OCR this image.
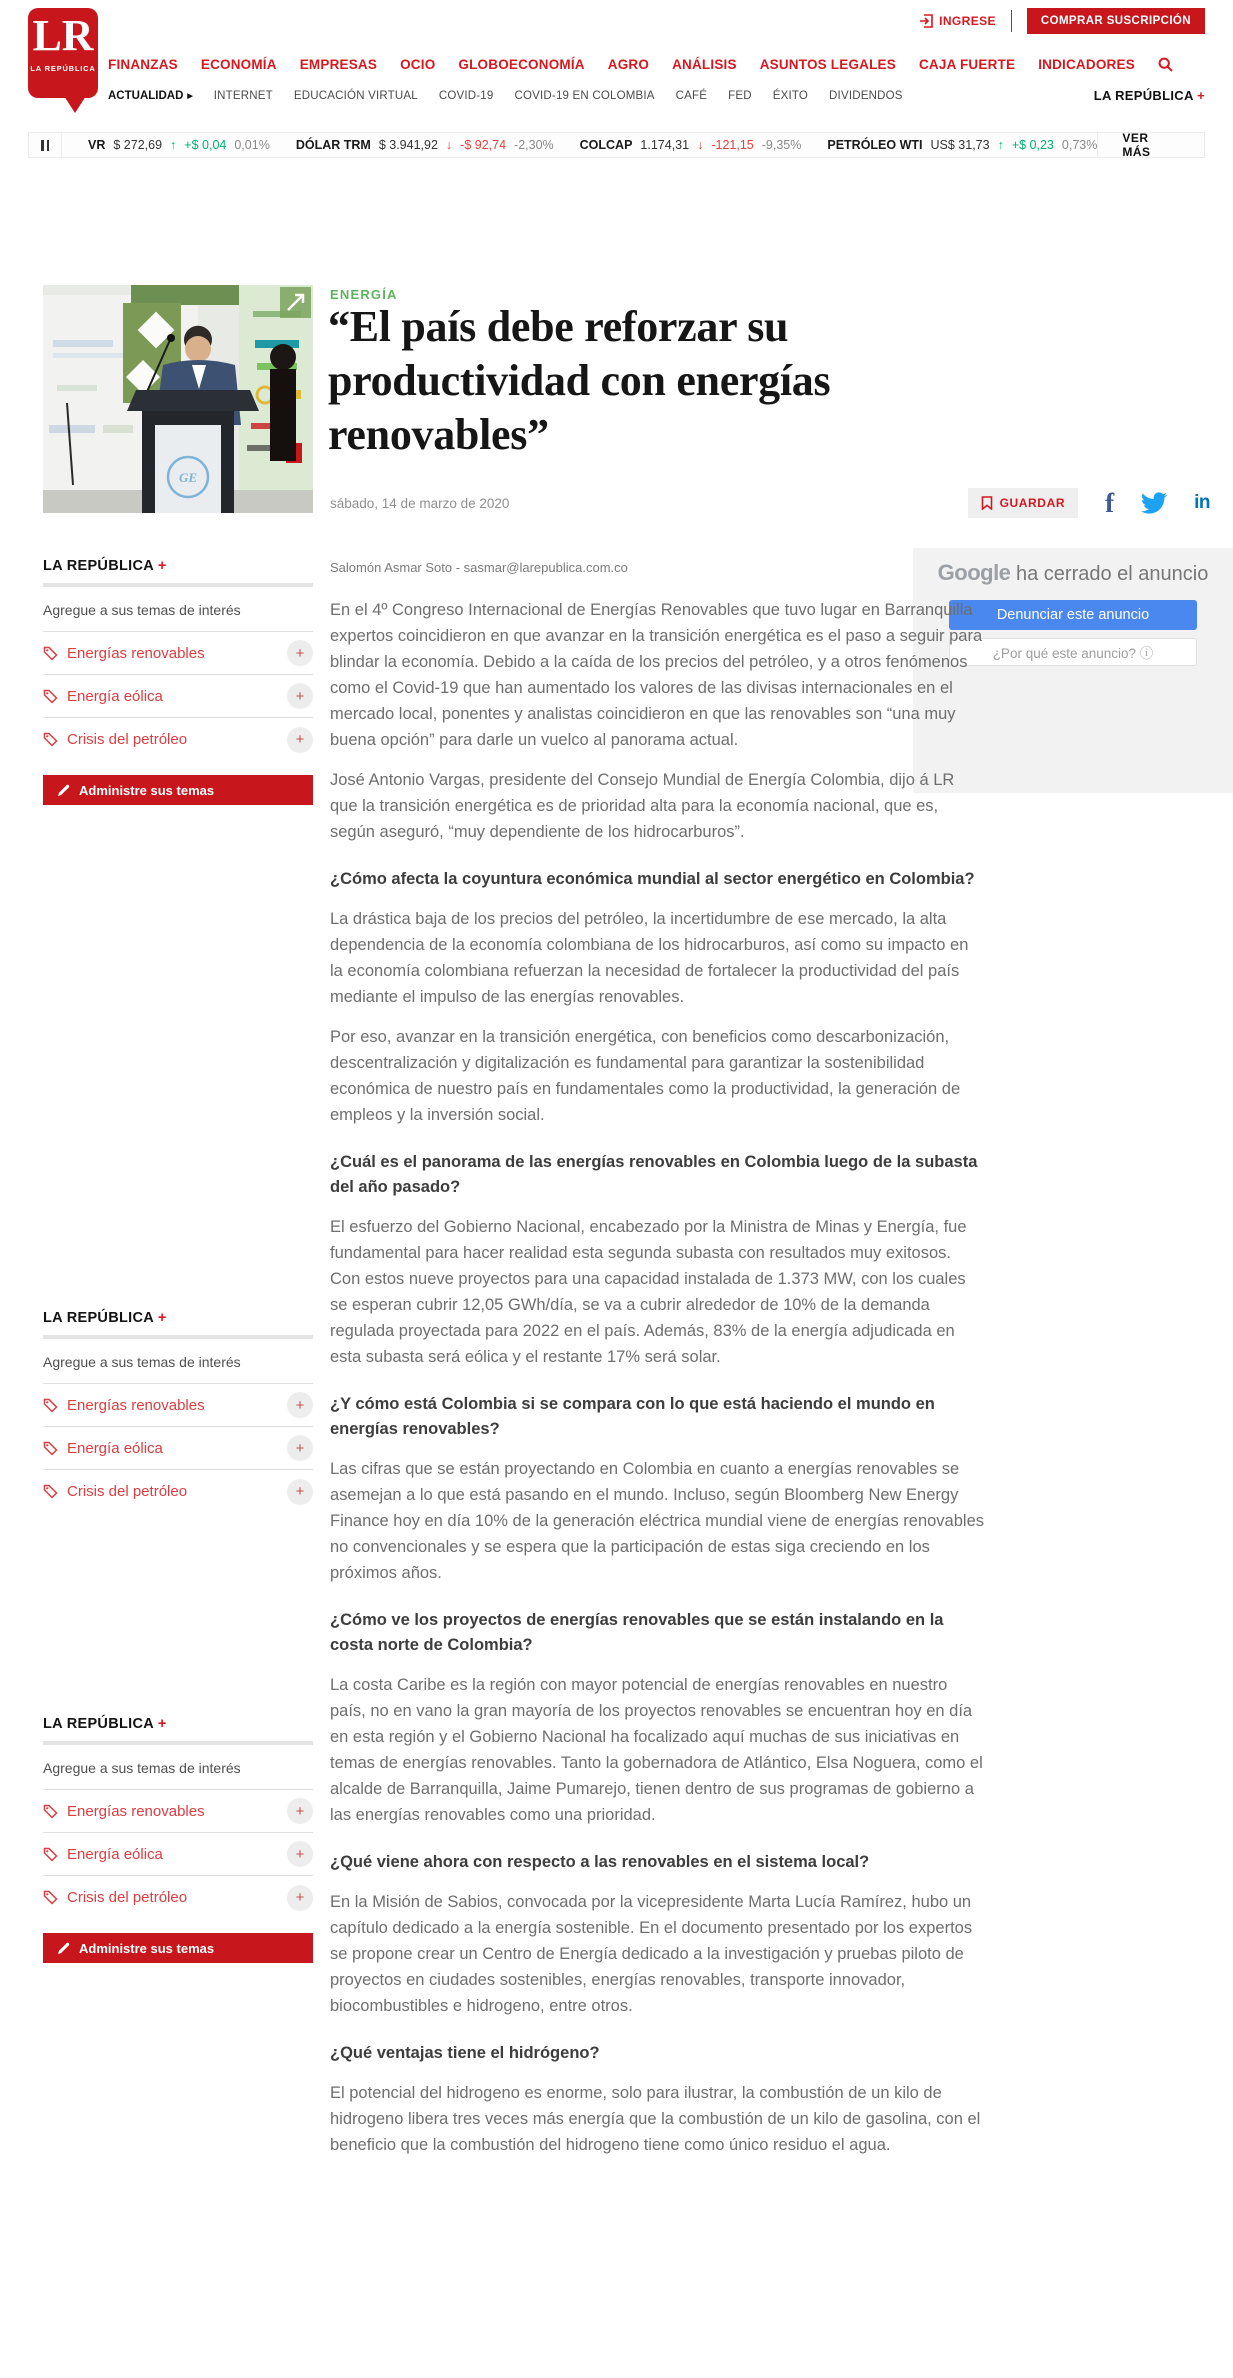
LR
LA REPÚBLICA
INGRESE	COMPRAR SUSCRIPCIÓN
FINANZAS ECONOMÍA EMPRESAS OCIO GLOBOECONOMÍA AGRO ANÁLISIS ASUNTOS LEGALES CAJA FUERTE INDICADORES
ACTUALIDAD ▶ INTERNET EDUCACIÓN VIRTUAL COVID-19 COVID-19 EN COLOMBIA CAFÉ FED ÉXITO DIVIDENDOS	LA REPÚBLICA +
VR $ 272,69 ↑ +$ 0,04 0,01% DÓLAR TRM $ 3.941,92 ↓ -$ 92,74 -2,30% COLCAP 1.174,31 ↓ -121,15 -9,35% PETRÓLEO WTI US$ 31,73 ↑ +$ 0,23 0,73%	VER MÁS
GE
ENERGÍA
“El país debe reforzar su productividad con energías renovables”
sábado, 14 de marzo de 2020	GUARDAR f	in
Google ha cerrado el anuncio
Denunciar este anuncio
¿Por qué este anuncio? ⓘ
Salomón Asmar Soto - sasmar@larepublica.com.co

En el 4º Congreso Internacional de Energías Renovables que tuvo lugar en Barranquilla expertos coincidieron en que avanzar en la transición energética es el paso a seguir para blindar la economía. Debido a la caída de los precios del petróleo, y a otros fenómenos como el Covid-19 que han aumentado los valores de las divisas internacionales en el mercado local, ponentes y analistas coincidieron en que las renovables son “una muy buena opción” para darle un vuelco al panorama actual.

José Antonio Vargas, presidente del Consejo Mundial de Energía Colombia, dijo á LR que la transición energética es de prioridad alta para la economía nacional, que es, según aseguró, “muy dependiente de los hidrocarburos”.

¿Cómo afecta la coyuntura económica mundial al sector energético en Colombia?

La drástica baja de los precios del petróleo, la incertidumbre de ese mercado, la alta dependencia de la economía colombiana de los hidrocarburos, así como su impacto en la economía colombiana refuerzan la necesidad de fortalecer la productividad del país mediante el impulso de las energías renovables.

Por eso, avanzar en la transición energética, con beneficios como descarbonización, descentralización y digitalización es fundamental para garantizar la sostenibilidad económica de nuestro país en fundamentales como la productividad, la generación de empleos y la inversión social.

¿Cuál es el panorama de las energías renovables en Colombia luego de la subasta del año pasado?

El esfuerzo del Gobierno Nacional, encabezado por la Ministra de Minas y Energía, fue fundamental para hacer realidad esta segunda subasta con resultados muy exitosos. Con estos nueve proyectos para una capacidad instalada de 1.373 MW, con los cuales se esperan cubrir 12,05 GWh/día, se va a cubrir alrededor de 10% de la demanda regulada proyectada para 2022 en el país. Además, 83% de la energía adjudicada en esta subasta será eólica y el restante 17% será solar.

¿Y cómo está Colombia si se compara con lo que está haciendo el mundo en energías renovables?

Las cifras que se están proyectando en Colombia en cuanto a energías renovables se asemejan a lo que está pasando en el mundo. Incluso, según Bloomberg New Energy Finance hoy en día 10% de la generación eléctrica mundial viene de energías renovables no convencionales y se espera que la participación de estas siga creciendo en los próximos años.

¿Cómo ve los proyectos de energías renovables que se están instalando en la costa norte de Colombia?

La costa Caribe es la región con mayor potencial de energías renovables en nuestro país, no en vano la gran mayoría de los proyectos renovables se encuentran hoy en día en esta región y el Gobierno Nacional ha focalizado aquí muchas de sus iniciativas en temas de energías renovables. Tanto la gobernadora de Atlántico, Elsa Noguera, como el alcalde de Barranquilla, Jaime Pumarejo, tienen dentro de sus programas de gobierno a las energías renovables como una prioridad.

¿Qué viene ahora con respecto a las renovables en el sistema local?

En la Misión de Sabios, convocada por la vicepresidente Marta Lucía Ramírez, hubo un capítulo dedicado a la energía sostenible. En el documento presentado por los expertos se propone crear un Centro de Energía dedicado a la investigación y pruebas piloto de proyectos en ciudades sostenibles, energías renovables, transporte innovador, biocombustibles e hidrogeno, entre otros.

¿Qué ventajas tiene el hidrógeno?

El potencial del hidrogeno es enorme, solo para ilustrar, la combustión de un kilo de hidrogeno libera tres veces más energía que la combustión de un kilo de gasolina, con el beneficio que la combustión del hidrogeno tiene como único residuo el agua.

LA REPÚBLICA +
Agregue a sus temas de interés
Energías renovables	+
Energía eólica	+
Crisis del petróleo	+
Administre sus temas
LA REPÚBLICA +
Agregue a sus temas de interés
Energías renovables	+
Energía eólica	+
Crisis del petróleo	+
LA REPÚBLICA +
Agregue a sus temas de interés
Energías renovables	+
Energía eólica	+
Crisis del petróleo	+
Administre sus temas
